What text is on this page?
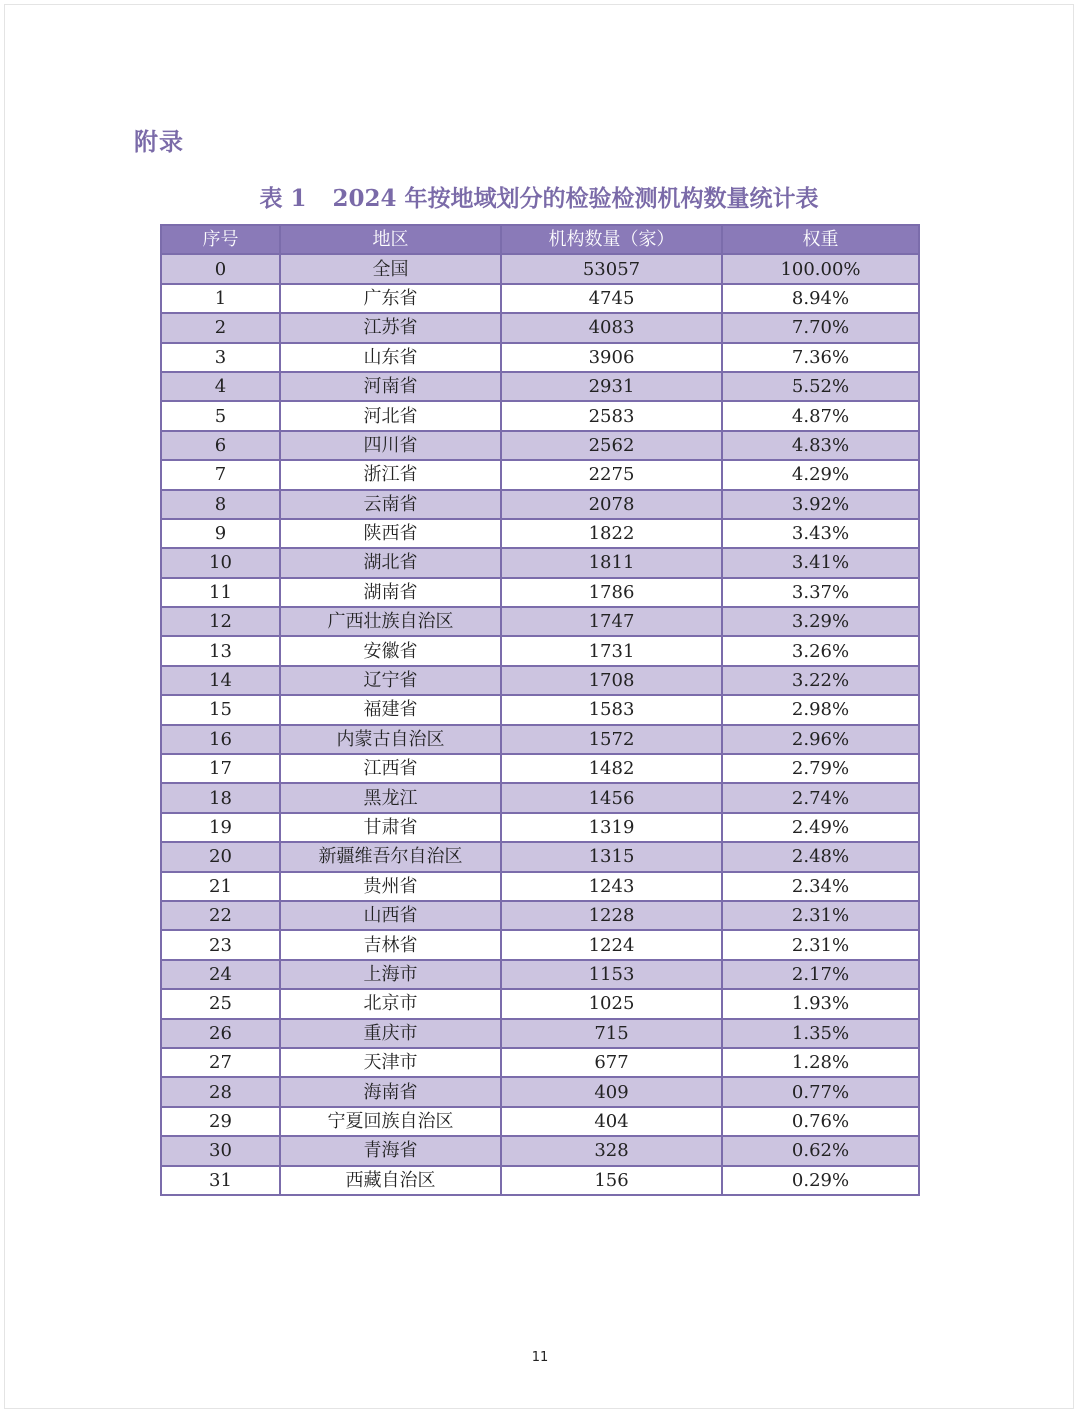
附录
表 1 2024 年按地域划分的检验检测机构数量统计表
序号	地区	机构数量（家）	权重
0	全国	53057	100.00%
1	广东省	4745	8.94%
2	江苏省	4083	7.70%
3	山东省	3906	7.36%
4	河南省	2931	5.52%
5	河北省	2583	4.87%
6	四川省	2562	4.83%
7	浙江省	2275	4.29%
8	云南省	2078	3.92%
9	陕西省	1822	3.43%
10	湖北省	1811	3.41%
11	湖南省	1786	3.37%
12	广西壮族自治区	1747	3.29%
13	安徽省	1731	3.26%
14	辽宁省	1708	3.22%
15	福建省	1583	2.98%
16	内蒙古自治区	1572	2.96%
17	江西省	1482	2.79%
18	黑龙江	1456	2.74%
19	甘肃省	1319	2.49%
20	新疆维吾尔自治区	1315	2.48%
21	贵州省	1243	2.34%
22	山西省	1228	2.31%
23	吉林省	1224	2.31%
24	上海市	1153	2.17%
25	北京市	1025	1.93%
26	重庆市	715	1.35%
27	天津市	677	1.28%
28	海南省	409	0.77%
29	宁夏回族自治区	404	0.76%
30	青海省	328	0.62%
31	西藏自治区	156	0.29%
11
